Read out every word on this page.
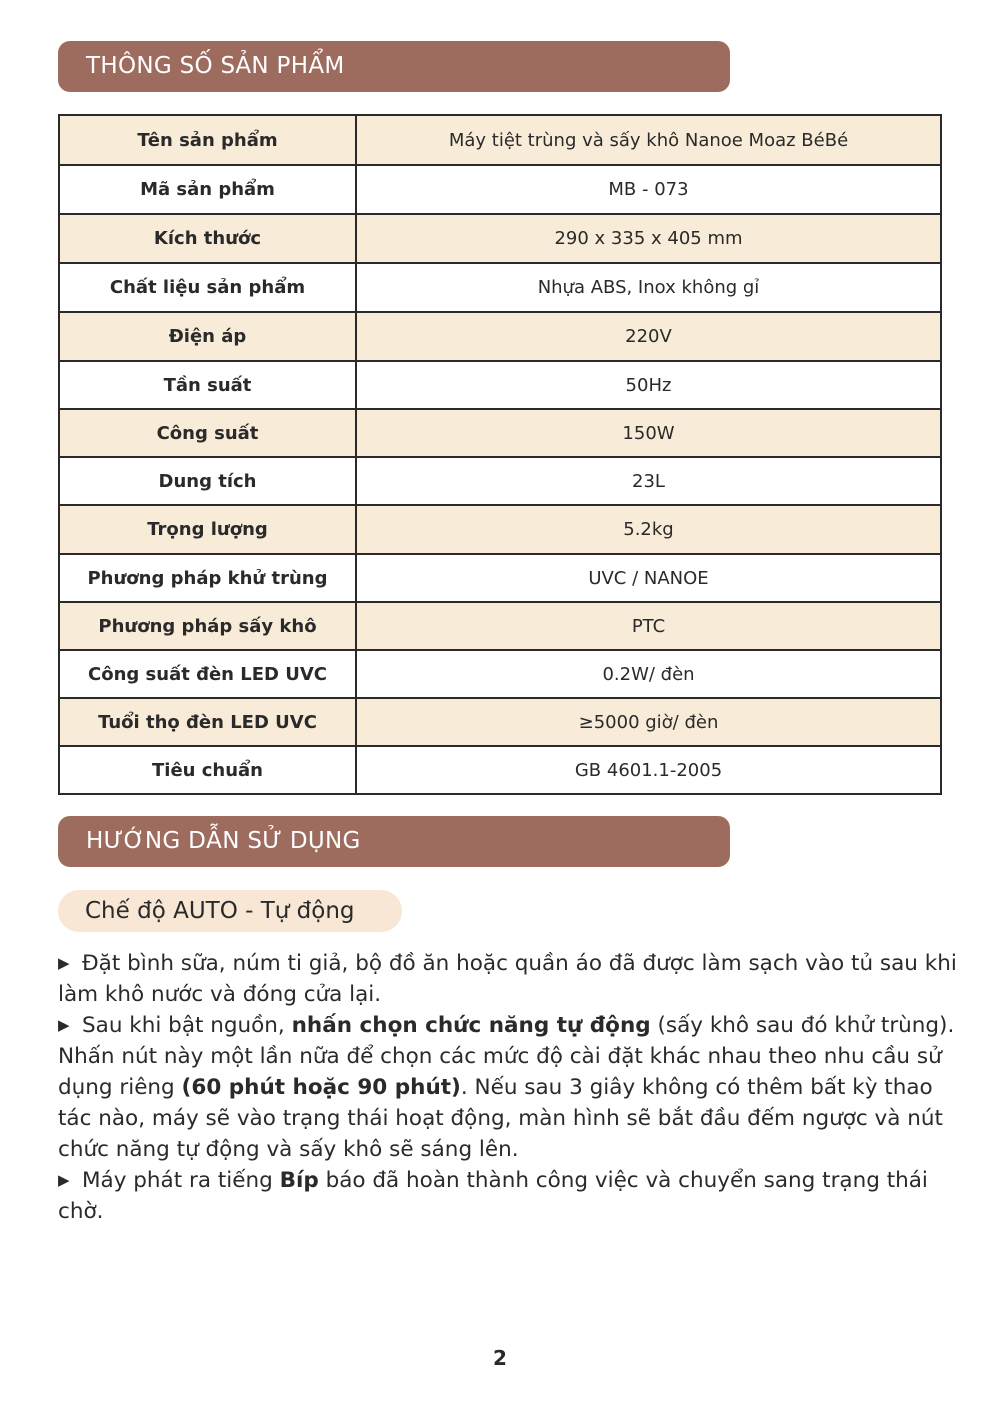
THÔNG SỐ SẢN PHẨM
Tên sản phẩm	Máy tiệt trùng và sấy khô Nanoe Moaz BéBé
Mã sản phẩm	MB - 073
Kích thước	290 x 335 x 405 mm
Chất liệu sản phẩm	Nhựa ABS, Inox không gỉ
Điện áp	220V
Tần suất	50Hz
Công suất	150W
Dung tích	23L
Trọng lượng	5.2kg
Phương pháp khử trùng	UVC / NANOE
Phương pháp sấy khô	PTC
Công suất đèn LED UVC	0.2W/ đèn
Tuổi thọ đèn LED UVC	≥5000 giờ/ đèn
Tiêu chuẩn	GB 4601.1-2005
HƯỚNG DẪN SỬ DỤNG
Chế độ AUTO - Tự động

▶ Đặt bình sữa, núm ti giả, bộ đồ ăn hoặc quần áo đã được làm sạch vào tủ sau khi làm khô nước và đóng cửa lại.

▶ Sau khi bật nguồn, nhấn chọn chức năng tự động (sấy khô sau đó khử trùng). Nhấn nút này một lần nữa để chọn các mức độ cài đặt khác nhau theo nhu cầu sử dụng riêng (60 phút hoặc 90 phút). Nếu sau 3 giây không có thêm bất kỳ thao tác nào, máy sẽ vào trạng thái hoạt động, màn hình sẽ bắt đầu đếm ngược và nút chức năng tự động và sấy khô sẽ sáng lên.

▶ Máy phát ra tiếng Bíp báo đã hoàn thành công việc và chuyển sang trạng thái chờ.

2
